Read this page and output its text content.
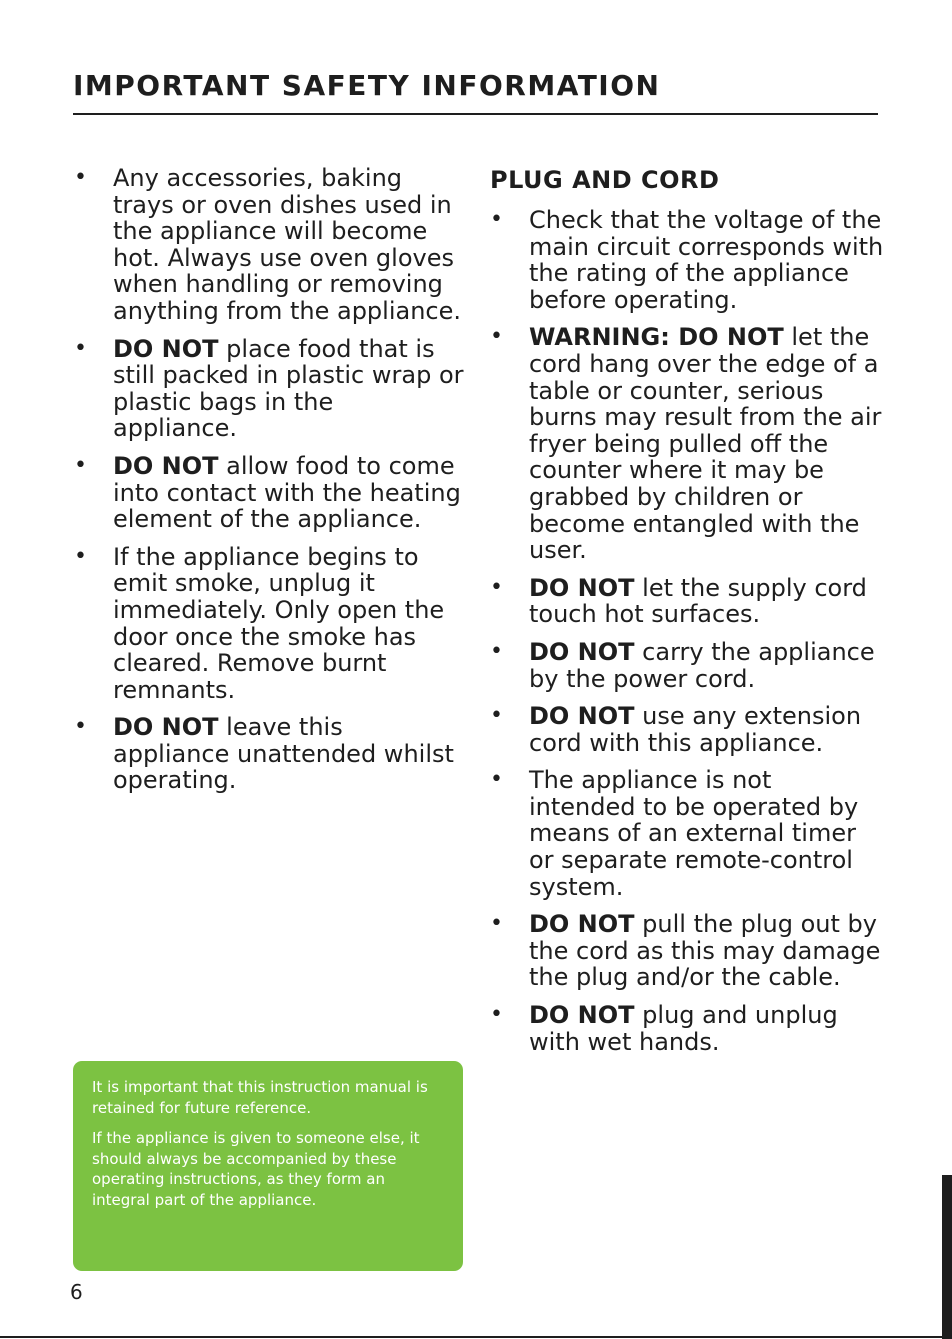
IMPORTANT SAFETY INFORMATION
• Any accessories, baking trays or oven dishes used in the appliance will become hot. Always use oven gloves when handling or removing anything from the appliance.
• DO NOT place food that is still packed in plastic wrap or plastic bags in the appliance.
• DO NOT allow food to come into contact with the heating element of the appliance.
• If the appliance begins to emit smoke, unplug it immediately. Only open the door once the smoke has cleared. Remove burnt remnants.
• DO NOT leave this appliance unattended whilst operating.
PLUG AND CORD
• Check that the voltage of the main circuit corresponds with the rating of the appliance before operating.
• WARNING: DO NOT let the cord hang over the edge of a table or counter, serious burns may result from the air fryer being pulled off the counter where it may be grabbed by children or become entangled with the user.
• DO NOT let the supply cord touch hot surfaces.
• DO NOT carry the appliance by the power cord.
• DO NOT use any extension cord with this appliance.
• The appliance is not intended to be operated by means of an external timer or separate remote-control system.
• DO NOT pull the plug out by the cord as this may damage the plug and/or the cable.
• DO NOT plug and unplug with wet hands.

It is important that this instruction manual is retained for future reference.

If the appliance is given to someone else, it should always be accompanied by these operating instructions, as they form an integral part of the appliance.

6
